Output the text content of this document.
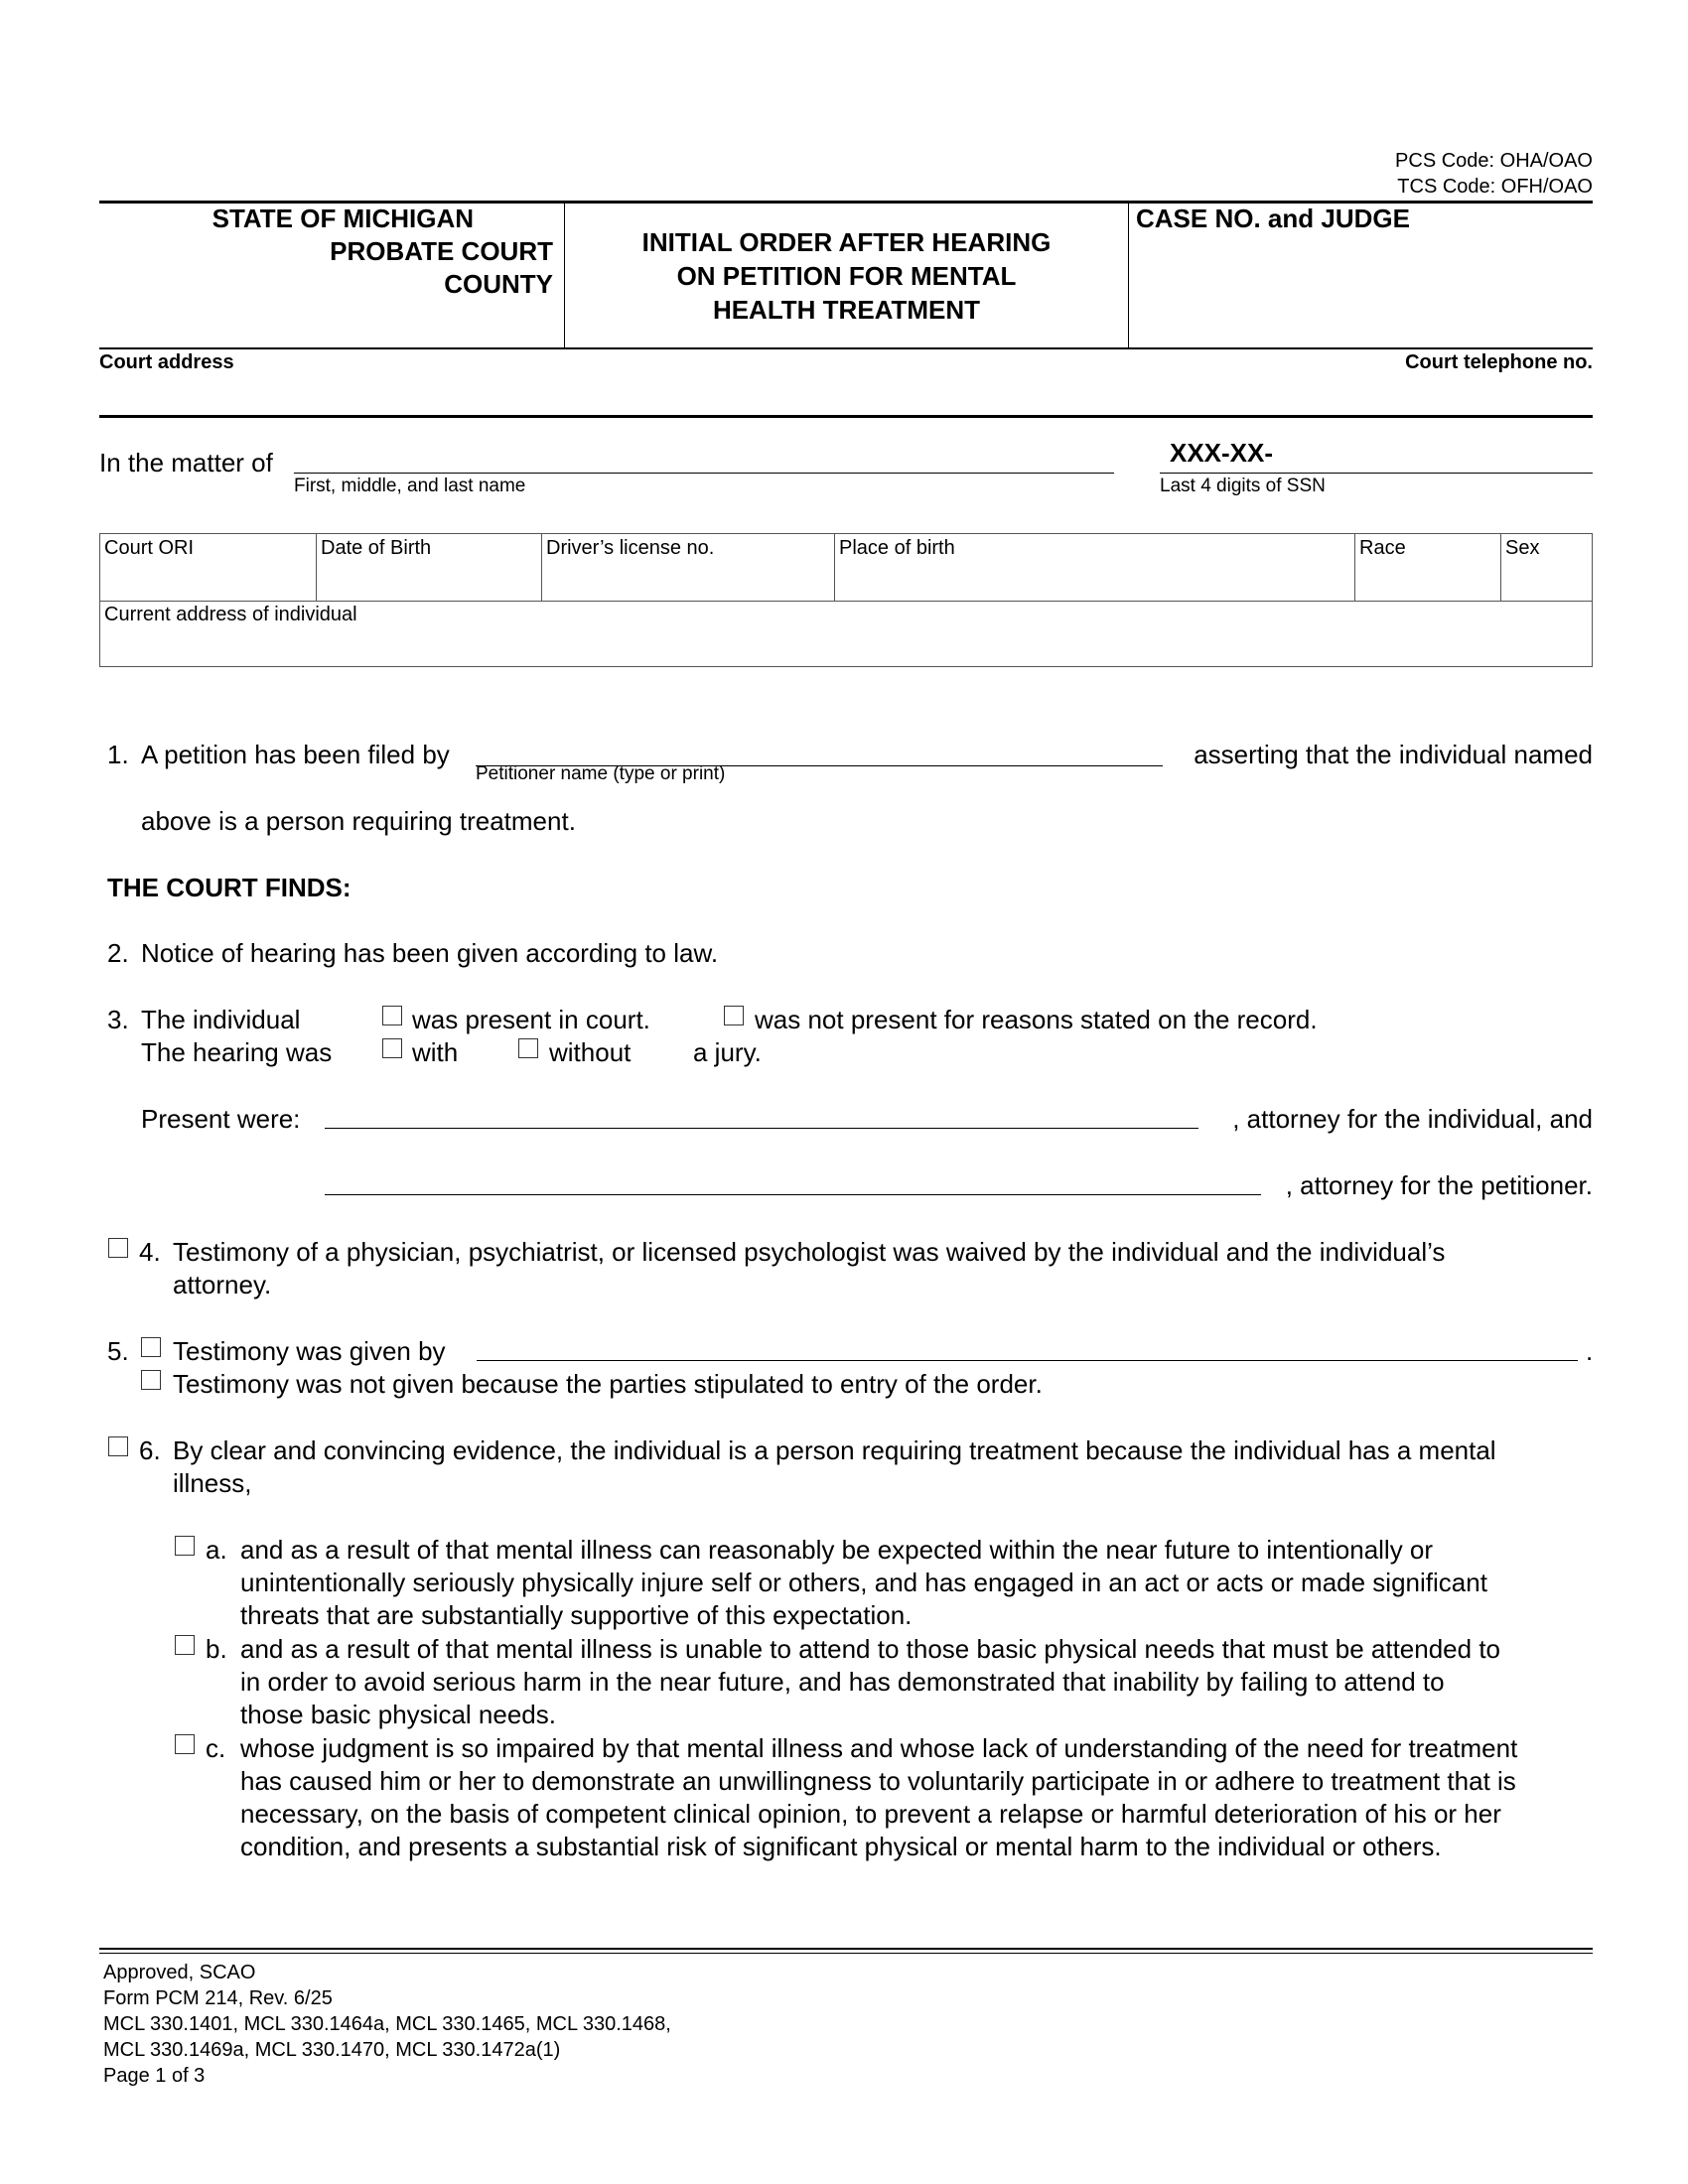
PCS Code: OHA/OAO
TCS Code: OFH/OAO
STATE OF MICHIGAN
PROBATE COURT
COUNTY
INITIAL ORDER AFTER HEARING
ON PETITION FOR MENTAL
HEALTH TREATMENT
CASE NO. and JUDGE
Court address	Court telephone no.
In the matter of
First, middle, and last name
XXX-XX-
Last 4 digits of SSN
Court ORI	Date of Birth	Driver’s license no.	Place of birth	Race	Sex
Current address of individual
1. A petition has been filed by
Petitioner name (type or print)
asserting that the individual named
above is a person requiring treatment.
THE COURT FINDS:
2. Notice of hearing has been given according to law.
3. The individual	was present in court.	was not present for reasons stated on the record.
The hearing was	with	without a jury.
Present were:	, attorney for the individual, and
, attorney for the petitioner.
4. Testimony of a physician, psychiatrist, or licensed psychologist was waived by the individual and the individual’s
attorney.
5. Testimony was given by	.
Testimony was not given because the parties stipulated to entry of the order.
6. By clear and convincing evidence, the individual is a person requiring treatment because the individual has a mental
illness,
a. and as a result of that mental illness can reasonably be expected within the near future to intentionally or
unintentionally seriously physically injure self or others, and has engaged in an act or acts or made significant
threats that are substantially supportive of this expectation.
b. and as a result of that mental illness is unable to attend to those basic physical needs that must be attended to
in order to avoid serious harm in the near future, and has demonstrated that inability by failing to attend to
those basic physical needs.
c. whose judgment is so impaired by that mental illness and whose lack of understanding of the need for treatment
has caused him or her to demonstrate an unwillingness to voluntarily participate in or adhere to treatment that is
necessary, on the basis of competent clinical opinion, to prevent a relapse or harmful deterioration of his or her
condition, and presents a substantial risk of significant physical or mental harm to the individual or others.
Approved, SCAO
Form PCM 214, Rev. 6/25
MCL 330.1401, MCL 330.1464a, MCL 330.1465, MCL 330.1468,
MCL 330.1469a, MCL 330.1470, MCL 330.1472a(1)
Page 1 of 3
